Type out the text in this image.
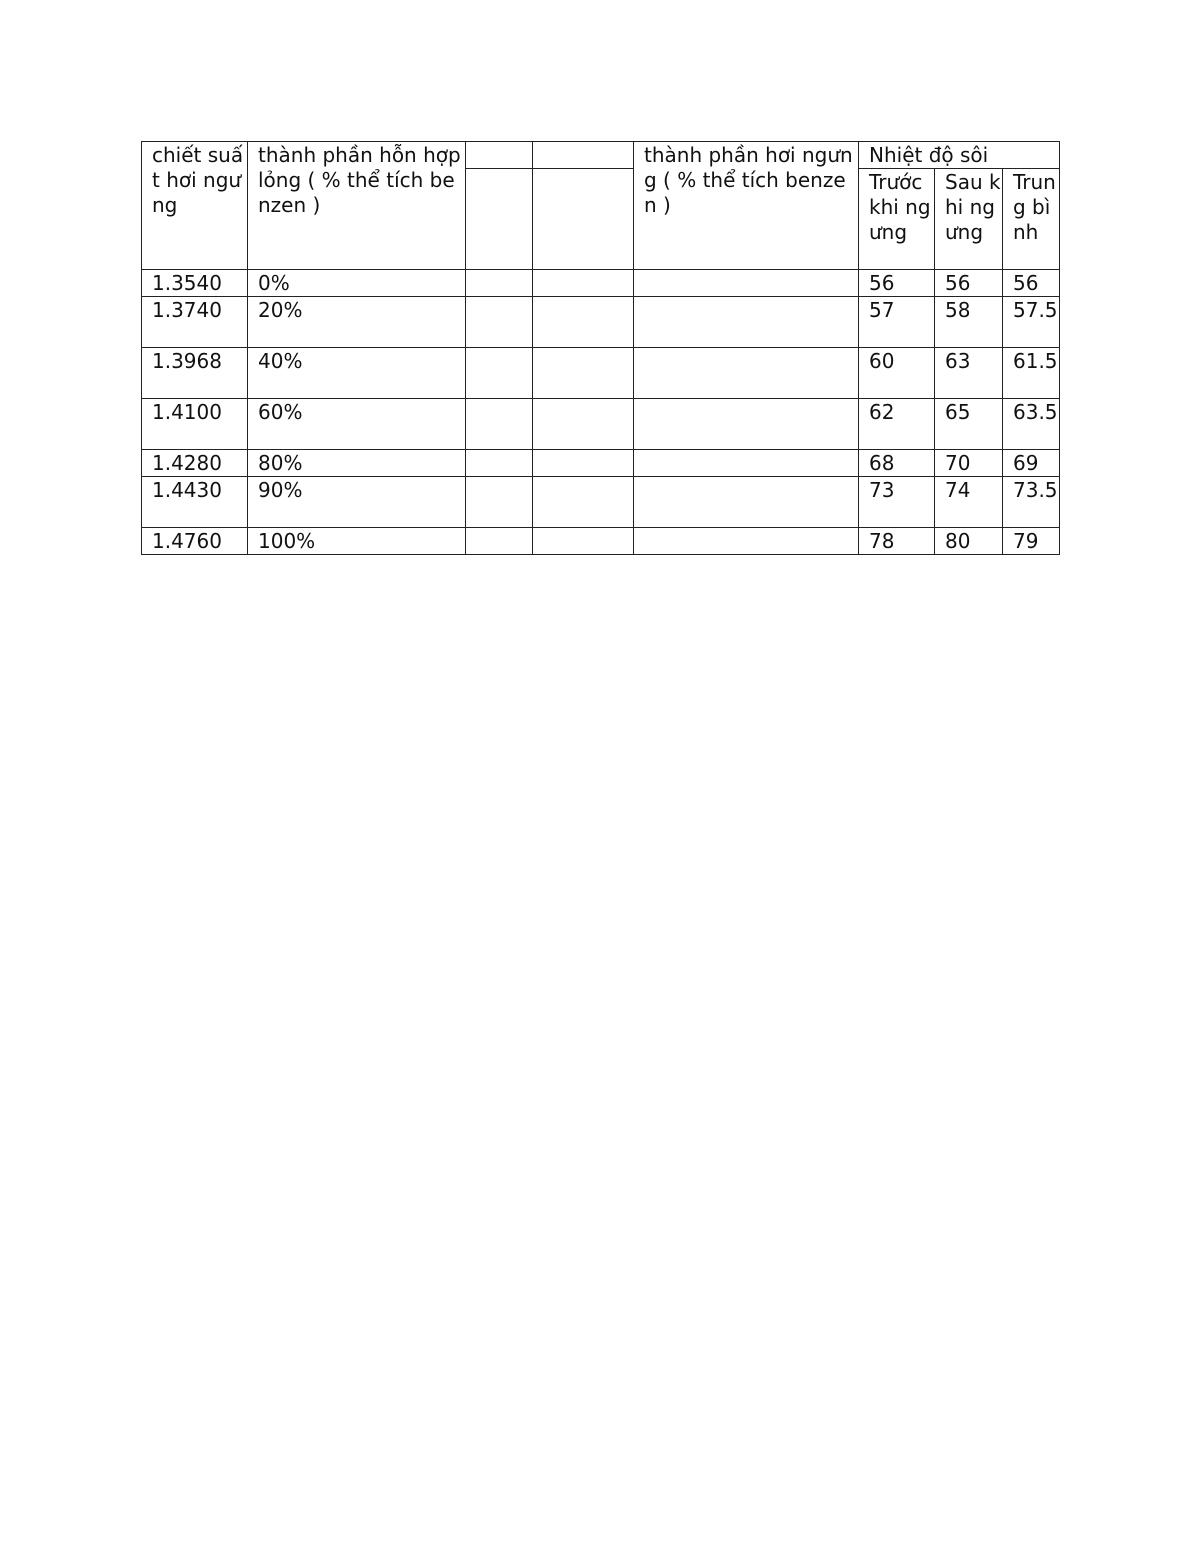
chiết suất hơi ngưng	thành phần hỗn hợp lỏng ( % thể tích benzen )			thành phần hơi ngưng ( % thể tích benzen )	Nhiệt độ sôi		
					Trước khi ngưng	Sau khi ngưng	Trung bình
1.3540	0%				56	56	56
1.3740	20%				57	58	57.5
1.3968	40%				60	63	61.5
1.4100	60%				62	65	63.5
1.4280	80%				68	70	69
1.4430	90%				73	74	73.5
1.4760	100%				78	80	79
